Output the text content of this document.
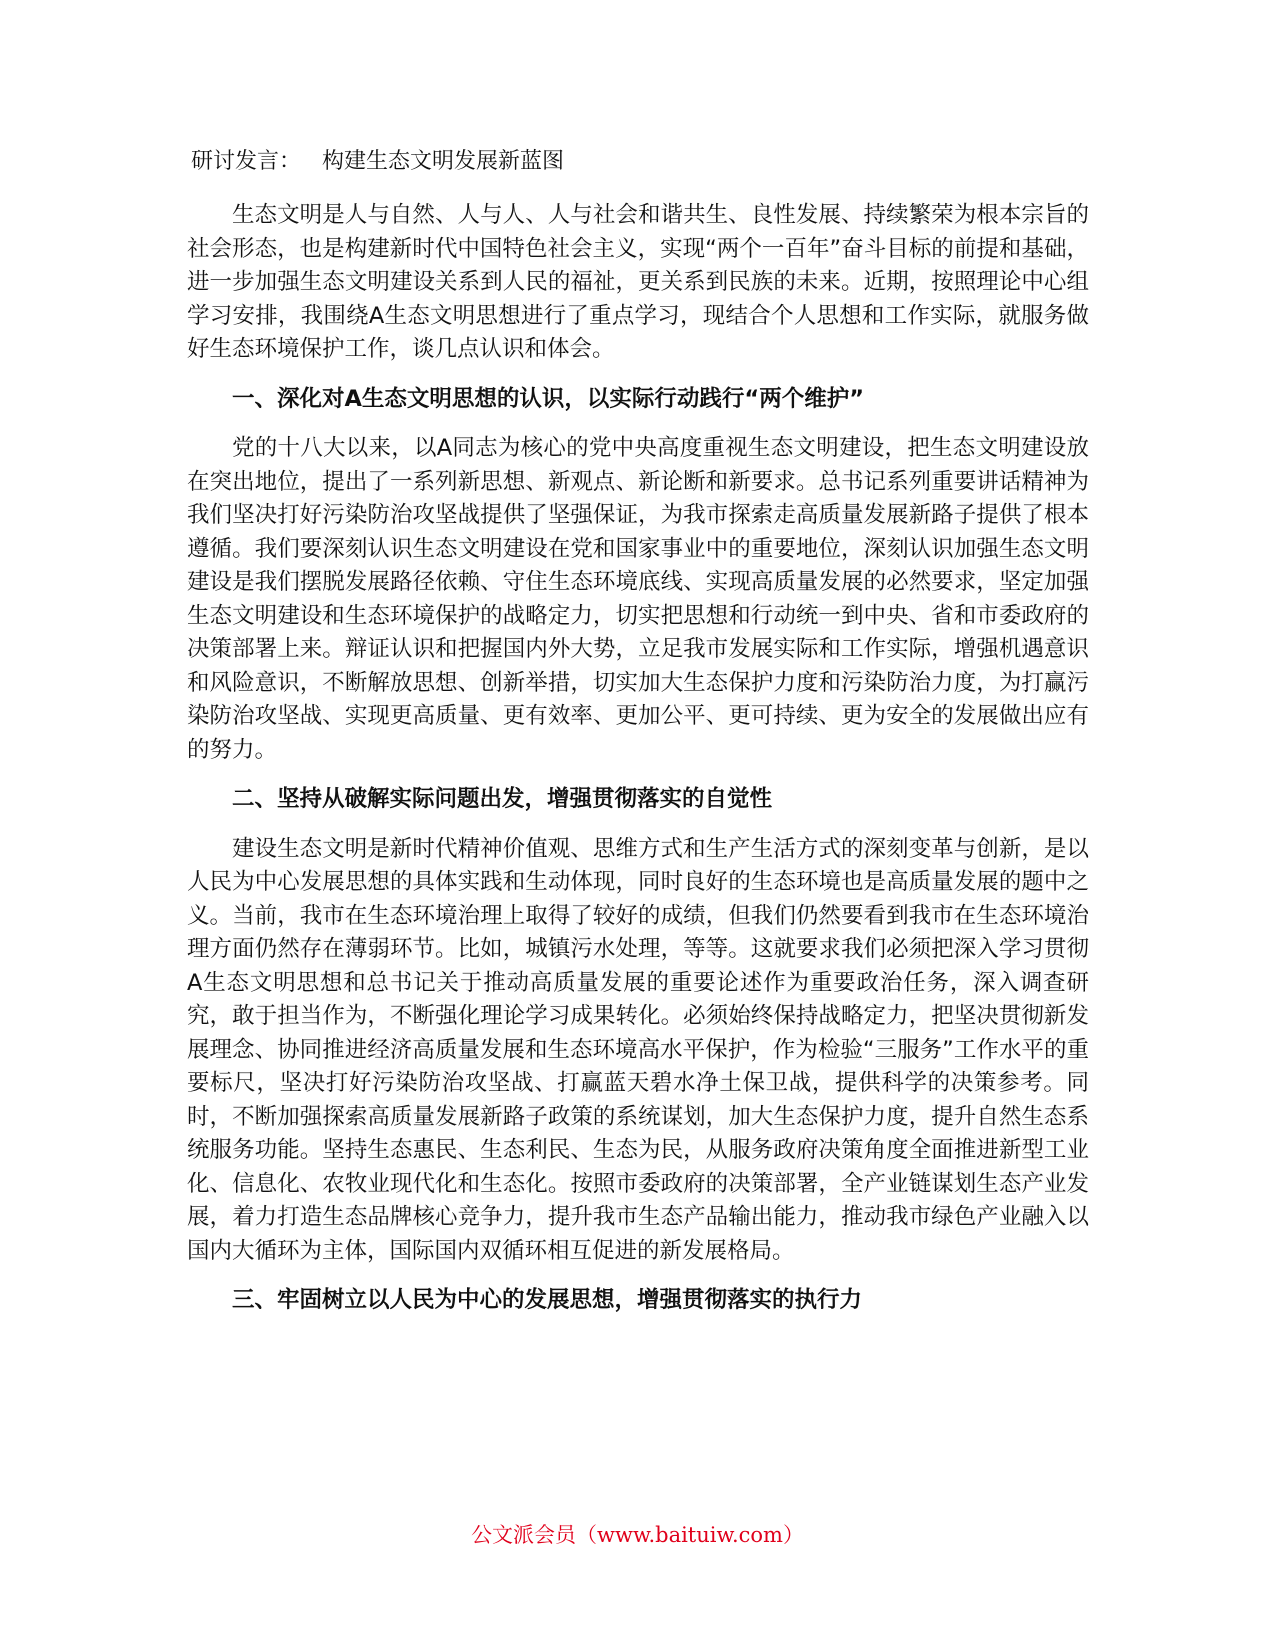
研讨发言：   构建生态文明发展新蓝图

生态文明是人与自然、人与人、人与社会和谐共生、良性发展、持续繁荣为根本宗旨的社会形态，也是构建新时代中国特色社会主义，实现“两个一百年”奋斗目标的前提和基础，进一步加强生态文明建设关系到人民的福祉，更关系到民族的未来。近期，按照理论中心组学习安排，我围绕A生态文明思想进行了重点学习，现结合个人思想和工作实际，就服务做好生态环境保护工作，谈几点认识和体会。

一、深化对A生态文明思想的认识，以实际行动践行“两个维护”

党的十八大以来，以A同志为核心的党中央高度重视生态文明建设，把生态文明建设放在突出地位，提出了一系列新思想、新观点、新论断和新要求。总书记系列重要讲话精神为我们坚决打好污染防治攻坚战提供了坚强保证，为我市探索走高质量发展新路子提供了根本遵循。我们要深刻认识生态文明建设在党和国家事业中的重要地位，深刻认识加强生态文明建设是我们摆脱发展路径依赖、守住生态环境底线、实现高质量发展的必然要求，坚定加强生态文明建设和生态环境保护的战略定力，切实把思想和行动统一到中央、省和市委政府的决策部署上来。辩证认识和把握国内外大势，立足我市发展实际和工作实际，增强机遇意识和风险意识，不断解放思想、创新举措，切实加大生态保护力度和污染防治力度，为打赢污染防治攻坚战、实现更高质量、更有效率、更加公平、更可持续、更为安全的发展做出应有的努力。

二、坚持从破解实际问题出发，增强贯彻落实的自觉性

建设生态文明是新时代精神价值观、思维方式和生产生活方式的深刻变革与创新，是以人民为中心发展思想的具体实践和生动体现，同时良好的生态环境也是高质量发展的题中之义。当前，我市在生态环境治理上取得了较好的成绩，但我们仍然要看到我市在生态环境治理方面仍然存在薄弱环节。比如，城镇污水处理，等等。这就要求我们必须把深入学习贯彻A生态文明思想和总书记关于推动高质量发展的重要论述作为重要政治任务，深入调查研究，敢于担当作为，不断强化理论学习成果转化。必须始终保持战略定力，把坚决贯彻新发展理念、协同推进经济高质量发展和生态环境高水平保护，作为检验“三服务”工作水平的重要标尺，坚决打好污染防治攻坚战、打赢蓝天碧水净土保卫战，提供科学的决策参考。同时，不断加强探索高质量发展新路子政策的系统谋划，加大生态保护力度，提升自然生态系统服务功能。坚持生态惠民、生态利民、生态为民，从服务政府决策角度全面推进新型工业化、信息化、农牧业现代化和生态化。按照市委政府的决策部署，全产业链谋划生态产业发展，着力打造生态品牌核心竞争力，提升我市生态产品输出能力，推动我市绿色产业融入以国内大循环为主体，国际国内双循环相互促进的新发展格局。

三、牢固树立以人民为中心的发展思想，增强贯彻落实的执行力
公文派会员（www.baituiw.com）
